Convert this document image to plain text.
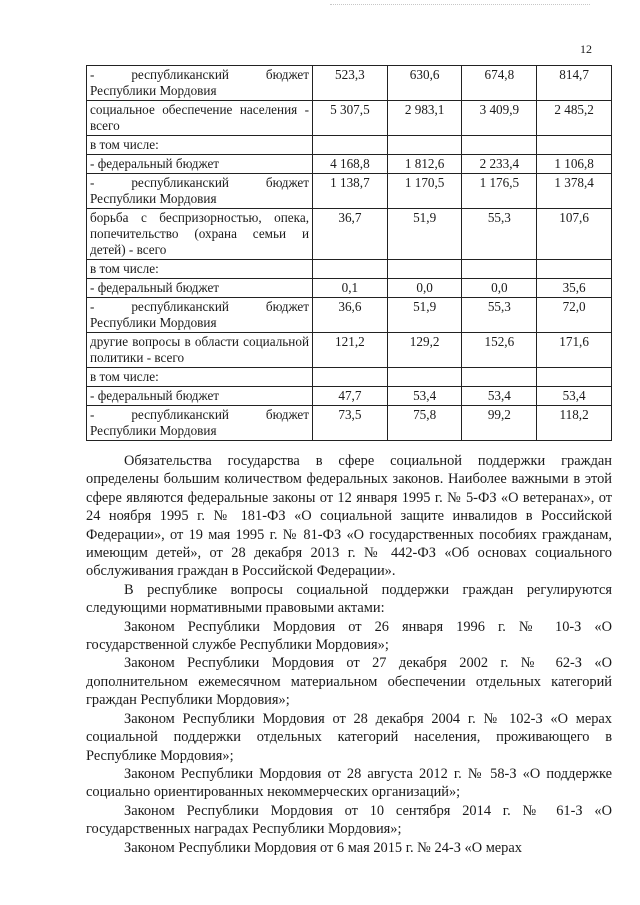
12
- республиканский бюджет Республики Мордовия	523,3	630,6	674,8	814,7
социальное обеспечение населения - всего	5 307,5	2 983,1	3 409,9	2 485,2
в том числе:				
- федеральный бюджет	4 168,8	1 812,6	2 233,4	1 106,8
- республиканский бюджет Республики Мордовия	1 138,7	1 170,5	1 176,5	1 378,4
борьба с беспризорностью, опека, попечительство (охрана семьи и детей) - всего	36,7	51,9	55,3	107,6
в том числе:				
- федеральный бюджет	0,1	0,0	0,0	35,6
- республиканский бюджет Республики Мордовия	36,6	51,9	55,3	72,0
другие вопросы в области социальной политики - всего	121,2	129,2	152,6	171,6
в том числе:				
- федеральный бюджет	47,7	53,4	53,4	53,4
- республиканский бюджет Республики Мордовия	73,5	75,8	99,2	118,2

Обязательства государства в сфере социальной поддержки граждан определены большим количеством федеральных законов. Наиболее важными в этой сфере являются федеральные законы от 12 января 1995 г. № 5-ФЗ «О ветеранах», от 24 ноября 1995 г. № 181-ФЗ «О социальной защите инвалидов в Российской Федерации», от 19 мая 1995 г. № 81-ФЗ «О государственных пособиях гражданам, имеющим детей», от 28 декабря 2013 г. № 442-ФЗ «Об основах социального обслуживания граждан в Российской Федерации».

В республике вопросы социальной поддержки граждан регулируются следующими нормативными правовыми актами:

Законом Республики Мордовия от 26 января 1996 г. № 10-З «О государственной службе Республики Мордовия»;

Законом Республики Мордовия от 27 декабря 2002 г. № 62-З «О дополнительном ежемесячном материальном обеспечении отдельных категорий граждан Республики Мордовия»;

Законом Республики Мордовия от 28 декабря 2004 г. № 102-З «О мерах социальной поддержки отдельных категорий населения, проживающего в Республике Мордовия»;

Законом Республики Мордовия от 28 августа 2012 г. № 58-З «О поддержке социально ориентированных некоммерческих организаций»;

Законом Республики Мордовия от 10 сентября 2014 г. № 61-З «О государственных наградах Республики Мордовия»;

Законом Республики Мордовия от 6 мая 2015 г. № 24-З «О мерах
